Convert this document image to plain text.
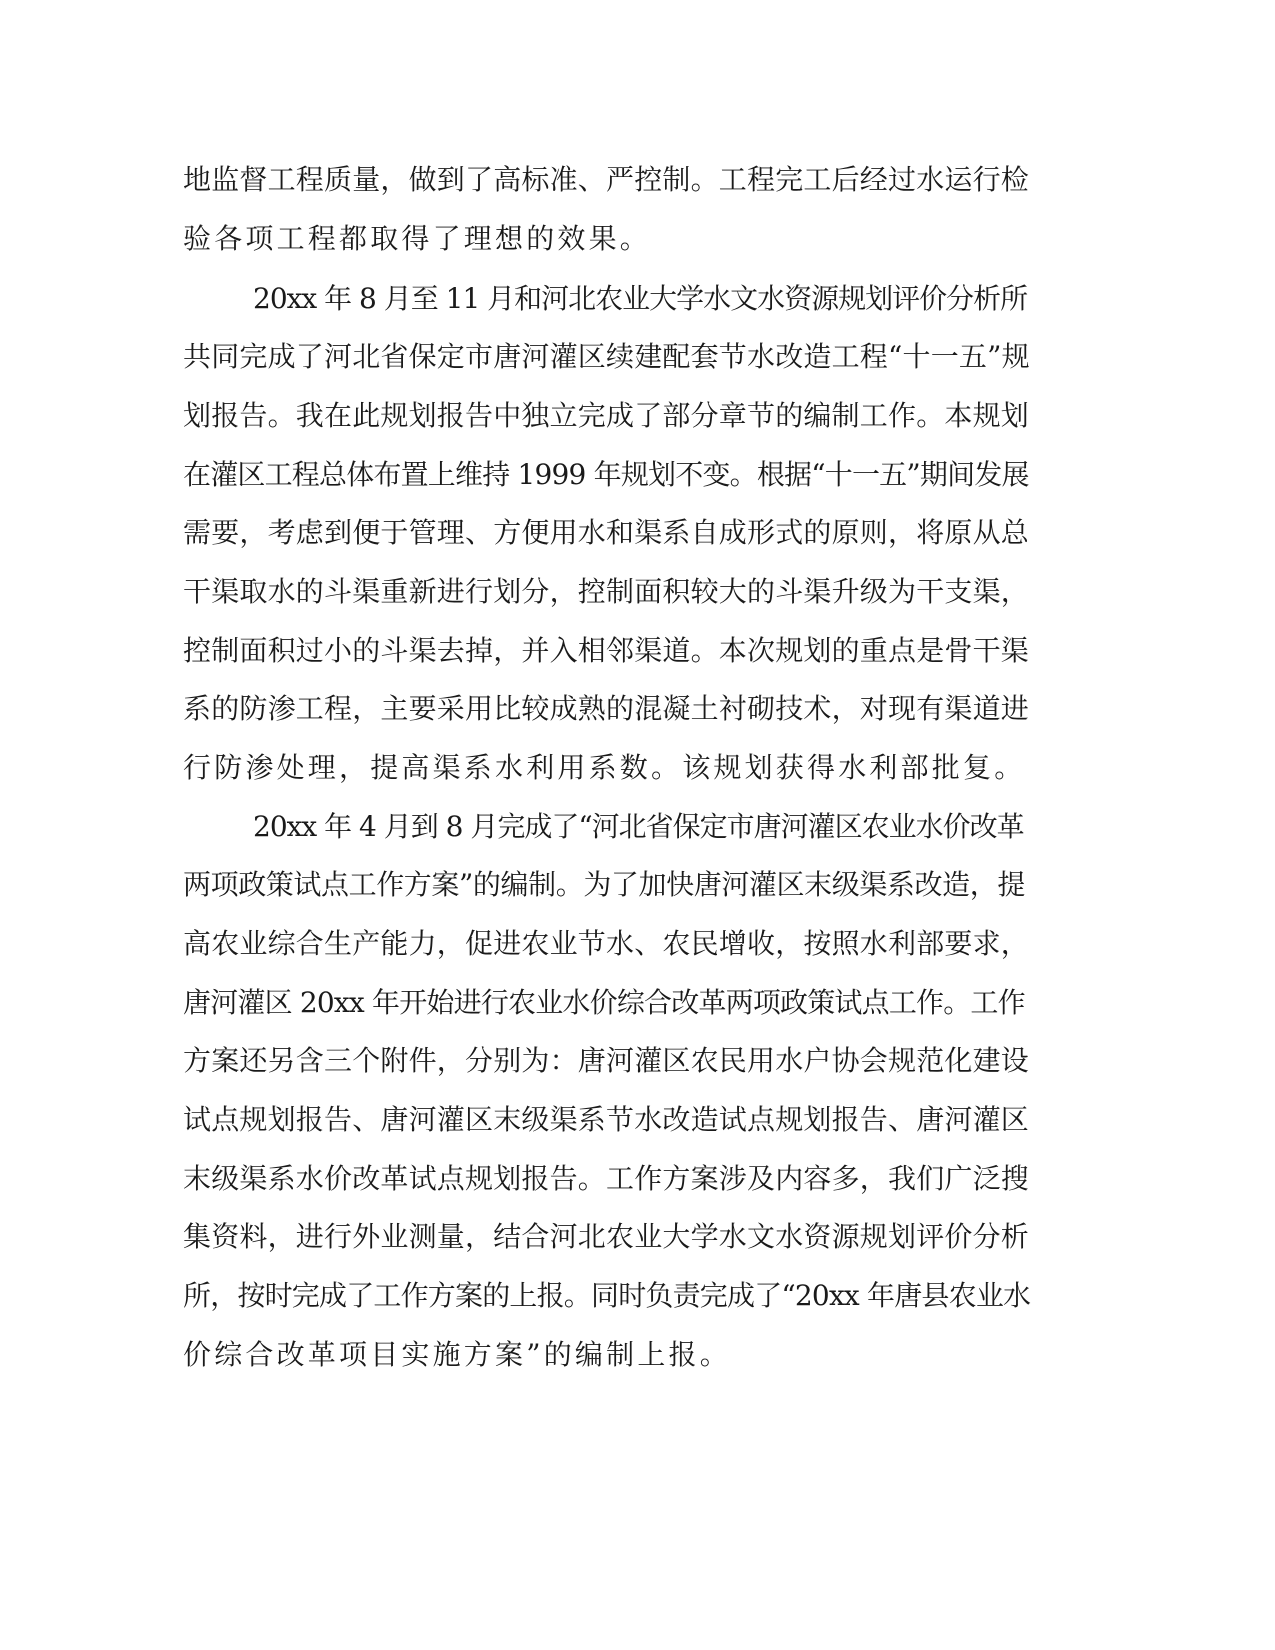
地监督工程质量，做到了高标准、严控制。工程完工后经过水运行检
验各项工程都取得了理想的效果。
20xx 年 8 月至 11 月和河北农业大学水文水资源规划评价分析所
共同完成了河北省保定市唐河灌区续建配套节水改造工程“十一五”规
划报告。我在此规划报告中独立完成了部分章节的编制工作。本规划
在灌区工程总体布置上维持 1999 年规划不变。根据“十一五”期间发展
需要，考虑到便于管理、方便用水和渠系自成形式的原则，将原从总
干渠取水的斗渠重新进行划分，控制面积较大的斗渠升级为干支渠，
控制面积过小的斗渠去掉，并入相邻渠道。本次规划的重点是骨干渠
系的防渗工程，主要采用比较成熟的混凝土衬砌技术，对现有渠道进
行防渗处理，提高渠系水利用系数。该规划获得水利部批复。
20xx 年 4 月到 8 月完成了“河北省保定市唐河灌区农业水价改革
两项政策试点工作方案”的编制。为了加快唐河灌区末级渠系改造，提
高农业综合生产能力，促进农业节水、农民增收，按照水利部要求，
唐河灌区 20xx 年开始进行农业水价综合改革两项政策试点工作。工作
方案还另含三个附件，分别为：唐河灌区农民用水户协会规范化建设
试点规划报告、唐河灌区末级渠系节水改造试点规划报告、唐河灌区
末级渠系水价改革试点规划报告。工作方案涉及内容多，我们广泛搜
集资料，进行外业测量，结合河北农业大学水文水资源规划评价分析
所，按时完成了工作方案的上报。同时负责完成了“20xx 年唐县农业水
价综合改革项目实施方案”的编制上报。
